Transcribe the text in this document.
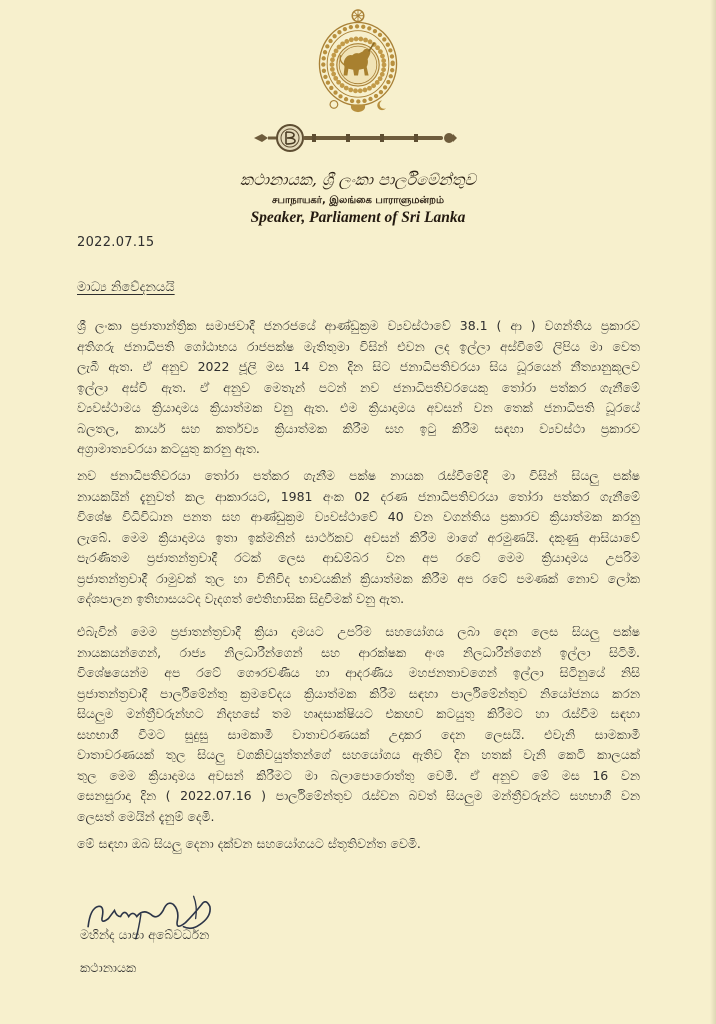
කථානායක, ශ්‍රී ලංකා පාර්ලිමේන්තුව
சபாநாயகர், இலங்கை பாராளுமன்றம்
Speaker, Parliament of Sri Lanka
2022.07.15
මාධ්‍ය නිවේදනයයි
ශ්‍රී ලංකා ප්‍රජාතාන්ත්‍රික සමාජවාදී ජනරජයේ ආණ්ඩුක්‍රම ව්‍යවස්ථාවේ 38.1 ( ආ ) වගන්තිය ප්‍රකාරව
අතිගරු ජනාධිපති ගෝඨාභය රාජපක්ෂ මැතිතුමා විසින් එවන ලද ඉල්ලා අස්වීමේ ලිපිය මා වෙත
ලැබී ඇත. ඒ අනුව 2022 ජූලි මස 14 වන දින සිට ජනාධිපතිවරයා සිය ධූරයෙන් නීත්‍යානුකූලව
ඉල්ලා අස්වී ඇත. ඒ අනුව මෙතැන් පටන් නව ජනාධිපතිවරයෙකු තෝරා පත්කර ගැනීමේ
ව්‍යවස්ථාමය ක්‍රියාදාමය ක්‍රියාත්මක වනු ඇත. එම ක්‍රියාදාමය අවසන් වන තෙක් ජනාධිපති ධූරයේ
බලතල, කාර්ය සහ කර්තව්‍ය ක්‍රියාත්මක කිරීම සහ ඉටු කිරීම සඳහා ව්‍යවස්ථා ප්‍රකාරව
අග්‍රාමාත්‍යවරයා කටයුතු කරනු ඇත.
නව ජනාධිපතිවරයා තෝරා පත්කර ගැනීම පක්ෂ නායක රැස්වීමේදී මා විසින් සියලු පක්ෂ
නායකයින් දැනුවත් කල ආකාරයට, 1981 අංක 02 දරණ ජනාධිපතිවරයා තෝරා පත්කර ගැනීමේ
විශේෂ විධිවිධාන පනත සහ ආණ්ඩුක්‍රම ව්‍යවස්ථාවේ 40 වන වගන්තිය ප්‍රකාරව ක්‍රියාත්මක කරනු
ලැබේ. මෙම ක්‍රියාදාමය ඉතා ඉක්මනින් සාර්ථකව අවසන් කිරීම මාගේ අරමුණයි. දකුණු ආසියාවේ
පැරණිතම ප්‍රජාතන්ත්‍රවාදී රටක් ලෙස ආඩම්බර වන අප රටේ මෙම ක්‍රියාදාමය උපරිම
ප්‍රජාතන්ත්‍රවාදී රාමුවක් තුල හා විනිවිද භාවයකින් ක්‍රියාත්මක කිරීම අප රටේ පමණක් නොව ලෝක
දේශපාලන ඉතිහාසයටද වැදගත් ඓතිහාසික සිදුවීමක් වනු ඇත.
එබැවින් මෙම ප්‍රජාතන්ත්‍රවාදී ක්‍රියා දාමයට උපරිම සහයෝගය ලබා දෙන ලෙස සියලු පක්ෂ
නායකයන්ගෙන්, රාජ්‍ය නිලධාරීන්ගෙන් සහ ආරක්ෂක අංශ නිලධාරීන්ගෙන් ඉල්ලා සිටිමි.
විශේෂයෙන්ම අප රටේ ගෞරවණීය හා ආදරණීය මහජනතාවගෙන් ඉල්ලා සිටිනුයේ නිසි
ප්‍රජාතන්ත්‍රවාදී පාර්ලිමේන්තු ක්‍රමවේදය ක්‍රියාත්මක කිරීම සඳහා පාර්ලිමේන්තුව නියෝජනය කරන
සියලුම මන්ත්‍රීවරුන්හට නිදහසේ තම හෘදසාක්ෂියට එකඟව කටයුතු කිරීමට හා රැස්වීම සඳහා
සහභාගී වීමට සුදුසු සාමකාමී වාතාවරණයක් උදාකර දෙන ලෙසයි. එවැනි සාමකාමී
වාතාවරණයක් තුල සියලු වගකිවයුත්තන්ගේ සහයෝගය ඇතිව දින හතක් වැනි කෙටි කාලයක්
තුල මෙම ක්‍රියාදාමය අවසන් කිරීමට මා බලාපොරොත්තු වෙමි. ඒ අනුව මේ මස 16 වන
සෙනසුරාදා දින ( 2022.07.16 ) පාර්ලිමේන්තුව රැස්වන බවත් සියලුම මන්ත්‍රීවරුන්ට සහභාගී වන
ලෙසත් මෙයින් දැනුම් දෙමි.
මේ සඳහා ඔබ සියලු දෙනා දක්වන සහයෝගයට ස්තූතිවන්ත වෙමි.
මහින්ද යාපා අබේවර්ධන
කථානායක
